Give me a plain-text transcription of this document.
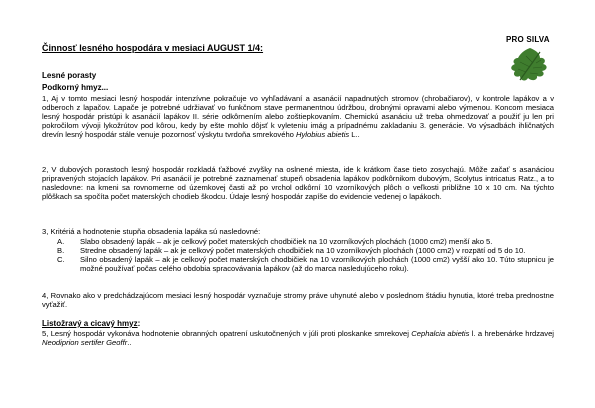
Činnosť lesného hospodára v mesiaci AUGUST 1/4:
PRO SILVA
Lesné porasty
Podkorný hmyz...

1, Aj v tomto mesiaci lesný hospodár intenzívne pokračuje vo vyhľadávaní a asanácií napadnutých stromov (chrobačiarov), v kontrole lapákov a v odberoch z lapačov. Lapače je potrebné udržiavať vo funkčnom stave permanentnou údržbou, drobnými opravami alebo výmenou. Koncom mesiaca lesný hospodár pristúpi k asanácií lapákov II. série odkôrnením alebo zoštiepkovaním. Chemickú asanáciu už treba ohmedzovať a použiť ju len pri pokročilom vývoji lykožrútov pod kôrou, kedy by ešte mohlo dôjsť k vyleteniu imág a prípadnému zakladaniu 3. generácie. Vo výsadbách ihličnatých drevín lesný hospodár stále venuje pozornosť výskytu tvrdoňa smrekového Hylobius abietis L..

2, V dubových porastoch lesný hospodár rozkladá ťažbové zvyšky na oslnené miesta, ide k krátkom čase tieto zosychajú. Môže začať s asanáciou pripravených stojacích lapákov. Pri asanácií je potrebné zaznamenať stupeň obsadenia lapákov podkôrnikom dubovým, Scolytus intricatus Ratz., a to nasledovne: na kmeni sa rovnomerne od územkovej časti až po vrchol odkôrní 10 vzorníkových plôch o veľkosti približne 10 x 10 cm. Na týchto plôškach sa spočíta počet materských chodieb škodcu. Údaje lesný hospodár zapíše do evidencie vedenej o lapákoch.

3, Kritériá a hodnotenie stupňa obsadenia lapáka sú nasledovné:

A. Slabo obsadený lapák – ak je celkový počet materských chodbičiek na 10 vzorníkových plochách (1000 cm2) menší ako 5.
B. Stredne obsadený lapák – ak je celkový počet materských chodbičiek na 10 vzorníkových plochách (1000 cm2) v rozpätí od 5 do 10.
C. Silno obsadený lapák – ak je celkový počet materských chodbičiek na 10 vzorníkových plochách (1000 cm2) vyšší ako 10. Túto stupnicu je možné používať počas celého obdobia spracovávania lapákov (až do marca nasledujúceho roku).

4, Rovnako ako v predchádzajúcom mesiaci lesný hospodár vyznačuje stromy práve uhynuté alebo v poslednom štádiu hynutia, ktoré treba prednostne vyťažiť.

Listožravý a cicavý hmyz:

5, Lesný hospodár vykonáva hodnotenie obranných opatrení uskutočnených v júli proti ploskanke smrekovej Cephalcia abietis l. a hrebenárke hrdzavej Neodiprion sertifer Geoffr..
